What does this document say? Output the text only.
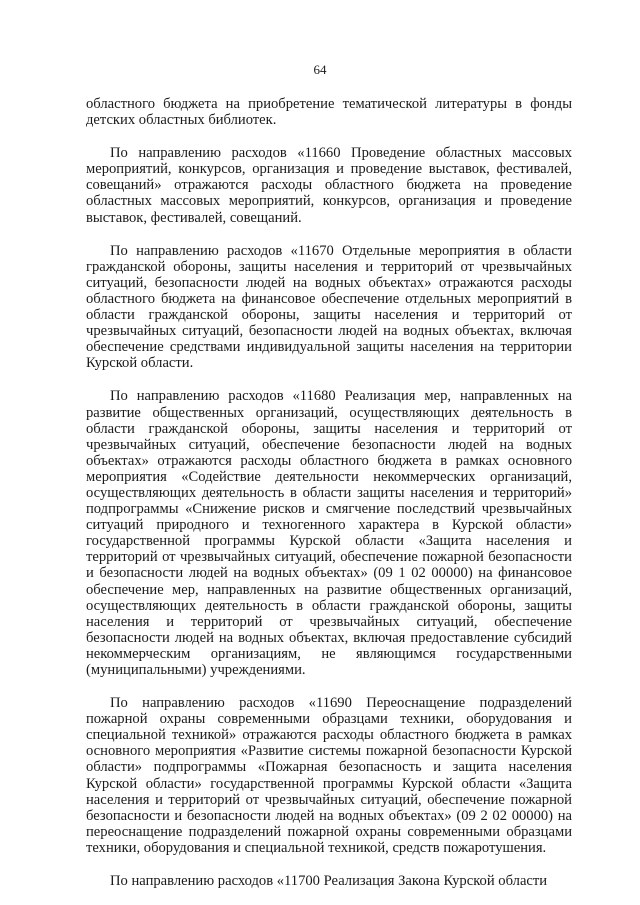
64

областного бюджета на приобретение тематической литературы в фонды детских областных библиотек.

По направлению расходов «11660 Проведение областных массовых мероприятий, конкурсов, организация и проведение выставок, фестивалей, совещаний» отражаются расходы областного бюджета на проведение областных массовых мероприятий, конкурсов, организация и проведение выставок, фестивалей, совещаний.

По направлению расходов «11670 Отдельные мероприятия в области гражданской обороны, защиты населения и территорий от чрезвычайных ситуаций, безопасности людей на водных объектах» отражаются расходы областного бюджета на финансовое обеспечение отдельных мероприятий в области гражданской обороны, защиты населения и территорий от чрезвычайных ситуаций, безопасности людей на водных объектах, включая обеспечение средствами индивидуальной защиты населения на территории Курской области.

По направлению расходов «11680 Реализация мер, направленных на развитие общественных организаций, осуществляющих деятельность в области гражданской обороны, защиты населения и территорий от чрезвычайных ситуаций, обеспечение безопасности людей на водных объектах» отражаются расходы областного бюджета в рамках основного мероприятия «Содействие деятельности некоммерческих организаций, осуществляющих деятельность в области защиты населения и территорий» подпрограммы «Снижение рисков и смягчение последствий чрезвычайных ситуаций природного и техногенного характера в Курской области» государственной программы Курской области «Защита населения и территорий от чрезвычайных ситуаций, обеспечение пожарной безопасности и безопасности людей на водных объектах» (09 1 02 00000) на финансовое обеспечение мер, направленных на развитие общественных организаций, осуществляющих деятельность в области гражданской обороны, защиты населения и территорий от чрезвычайных ситуаций, обеспечение безопасности людей на водных объектах, включая предоставление субсидий некоммерческим организациям, не являющимся государственными (муниципальными) учреждениями.

По направлению расходов «11690 Переоснащение подразделений пожарной охраны современными образцами техники, оборудования и специальной техникой» отражаются расходы областного бюджета в рамках основного мероприятия «Развитие системы пожарной безопасности Курской области» подпрограммы «Пожарная безопасность и защита населения Курской области» государственной программы Курской области «Защита населения и территорий от чрезвычайных ситуаций, обеспечение пожарной безопасности и безопасности людей на водных объектах» (09 2 02 00000) на переоснащение подразделений пожарной охраны современными образцами техники, оборудования и специальной техникой, средств пожаротушения.

По направлению расходов «11700 Реализация Закона Курской области
